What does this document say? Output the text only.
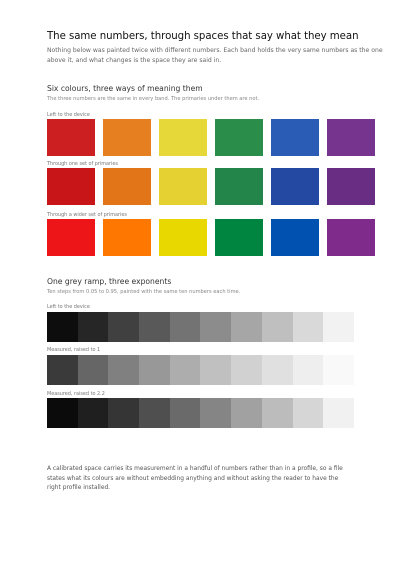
The same numbers, through spaces that say what they mean
Nothing below was painted twice with different numbers. Each band holds the very same numbers as the one above it, and what changes is the space they are said in.
Six colours, three ways of meaning them
The three numbers are the same in every band. The primaries under them are not.
Left to the device
Through one set of primaries
Through a wider set of primaries
One grey ramp, three exponents
Ten steps from 0.05 to 0.95, painted with the same ten numbers each time.
Left to the device
Measured, raised to 1
Measured, raised to 2.2
A calibrated space carries its measurement in a handful of numbers rather than in a profile, so a file states what its colours are without embedding anything and without asking the reader to have the right profile installed.
